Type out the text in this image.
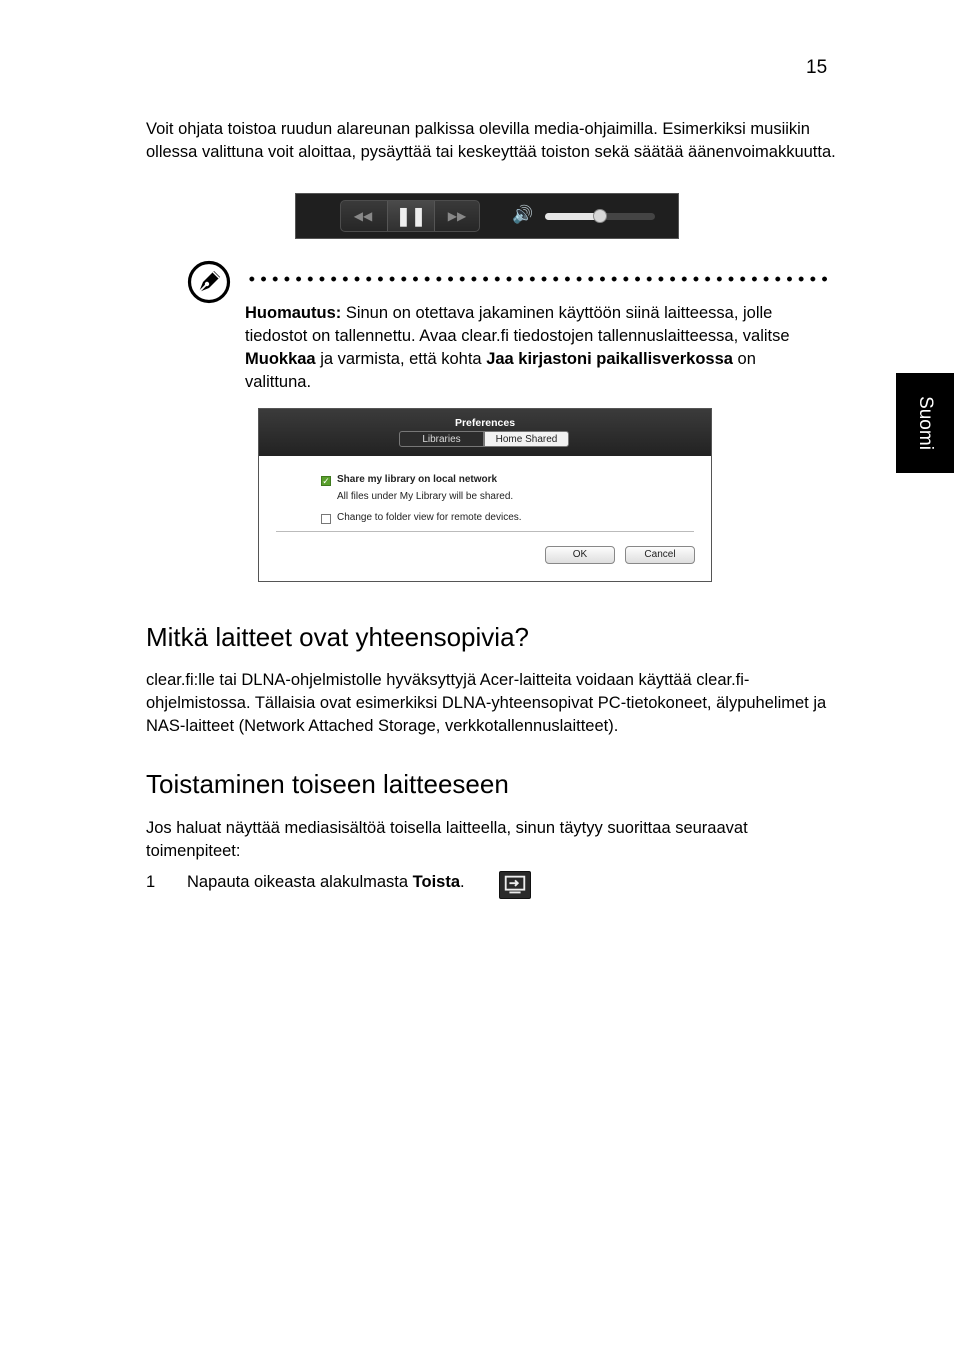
15
Suomi
Voit ohjata toistoa ruudun alareunan palkissa olevilla media-ohjaimilla. Esimerkiksi musiikin ollessa valittuna voit aloittaa, pysäyttää tai keskeyttää toiston sekä säätää äänenvoimakkuutta.
◀◀	❚❚	▶▶	🔊
Huomautus: Sinun on otettava jakaminen käyttöön siinä laitteessa, jolle tiedostot on tallennettu. Avaa clear.fi tiedostojen tallennuslaitteessa, valitse Muokkaa ja varmista, että kohta Jaa kirjastoni paikallisverkossa on valittuna.
Preferences
Libraries	Home Shared
✓ Share my library on local network
All files under My Library will be shared.
Change to folder view for remote devices.
OK	Cancel
Mitkä laitteet ovat yhteensopivia?
clear.fi:lle tai DLNA-ohjelmistolle hyväksyttyjä Acer-laitteita voidaan käyttää clear.fi-ohjelmistossa. Tällaisia ovat esimerkiksi DLNA-yhteensopivat PC-tietokoneet, älypuhelimet ja NAS-laitteet (Network Attached Storage, verkkotallennuslaitteet).
Toistaminen toiseen laitteeseen
Jos haluat näyttää mediasisältöä toisella laitteella, sinun täytyy suorittaa seuraavat toimenpiteet:
1 Napauta oikeasta alakulmasta Toista.
